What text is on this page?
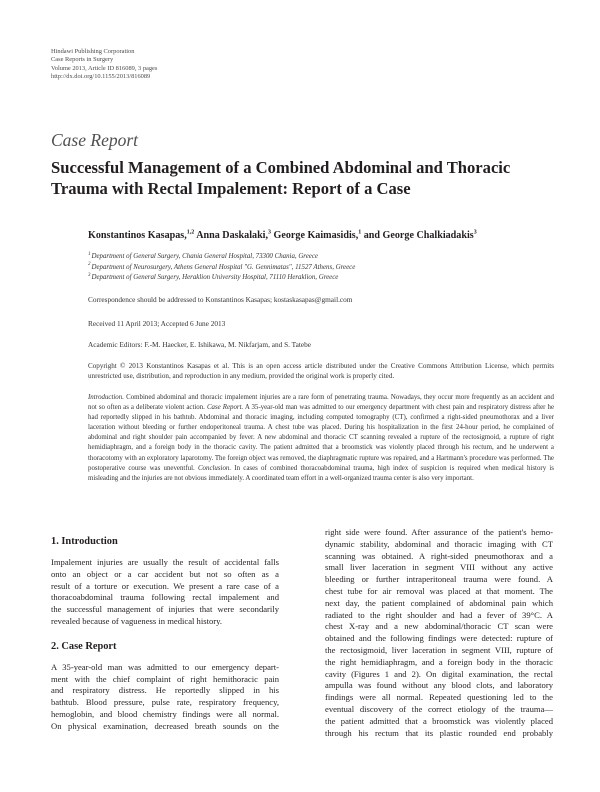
Hindawi Publishing Corporation
Case Reports in Surgery
Volume 2013, Article ID 816089, 3 pages
http://dx.doi.org/10.1155/2013/816089
Case Report
Successful Management of a Combined Abdominal and Thoracic
Trauma with Rectal Impalement: Report of a Case
Konstantinos Kasapas,$^{1,2}$ Anna Daskalaki,$^3$ George Kaimasidis,$^1$ and George Chalkiadakis$^3$
$^1$Department of General Surgery, Chania General Hospital, 73300 Chania, Greece
$^2$Department of Neurosurgery, Athens General Hospital "G. Gennimatas", 11527 Athens, Greece
$^3$Department of General Surgery, Heraklion University Hospital, 71110 Heraklion, Greece
Correspondence should be addressed to Konstantinos Kasapas; kostaskasapas@gmail.com
Received 11 April 2013; Accepted 6 June 2013
Academic Editors: F.-M. Haecker, E. Ishikawa, M. Nikfarjam, and S. Tatebe
Copyright © 2013 Konstantinos Kasapas et al. This is an open access article distributed under the Creative Commons Attribution License, which permits unrestricted use, distribution, and reproduction in any medium, provided the original work is properly cited.
Introduction. Combined abdominal and thoracic impalement injuries are a rare form of penetrating trauma. Nowadays, they occur more frequently as an accident and not so often as a deliberate violent action. Case Report. A 35-year-old man was admitted to our emergency department with chest pain and respiratory distress after he had reportedly slipped in his bathtub. Abdominal and thoracic imaging, including computed tomography (CT), confirmed a right-sided pneumothorax and a liver laceration without bleeding or further endoperitoneal trauma. A chest tube was placed. During his hospitalization in the first 24-hour period, he complained of abdominal and right shoulder pain accompanied by fever. A new abdominal and thoracic CT scanning revealed a rupture of the rectosigmoid, a rupture of right hemidiaphragm, and a foreign body in the thoracic cavity. The patient admitted that a broomstick was violently placed through his rectum, and he underwent a thoracotomy with an exploratory laparotomy. The foreign object was removed, the diaphragmatic rupture was repaired, and a Hartmann's procedure was performed. The postoperative course was uneventful. Conclusion. In cases of combined thoracoabdominal trauma, high index of suspicion is required when medical history is misleading and the injuries are not obvious immediately. A coordinated team effort in a well-organized trauma center is also very important.
1. Introduction
Impalement injuries are usually the result of accidental falls
onto an object or a car accident but not so often as a
result of a torture or execution. We present a rare case of a
thoracoabdominal trauma following rectal impalement and
the successful management of injuries that were secondarily
revealed because of vagueness in medical history.
2. Case Report
A 35-year-old man was admitted to our emergency depart-
ment with the chief complaint of right hemithoracic pain
and respiratory distress. He reportedly slipped in his
bathtub. Blood pressure, pulse rate, respiratory frequency,
hemoglobin, and blood chemistry findings were all normal.
On physical examination, decreased breath sounds on the
right side were found. After assurance of the patient's hemo-
dynamic stability, abdominal and thoracic imaging with CT
scanning was obtained. A right-sided pneumothorax and a
small liver laceration in segment VIII without any active
bleeding or further intraperitoneal trauma were found. A
chest tube for air removal was placed at that moment. The
next day, the patient complained of abdominal pain which
radiated to the right shoulder and had a fever of 39°C. A
chest X-ray and a new abdominal/thoracic CT scan were
obtained and the following findings were detected: rupture of
the rectosigmoid, liver laceration in segment VIII, rupture of
the right hemidiaphragm, and a foreign body in the thoracic
cavity (Figures 1 and 2). On digital examination, the rectal
ampulla was found without any blood clots, and laboratory
findings were all normal. Repeated questioning led to the
eventual discovery of the correct etiology of the trauma—
the patient admitted that a broomstick was violently placed
through his rectum that its plastic rounded end probably
